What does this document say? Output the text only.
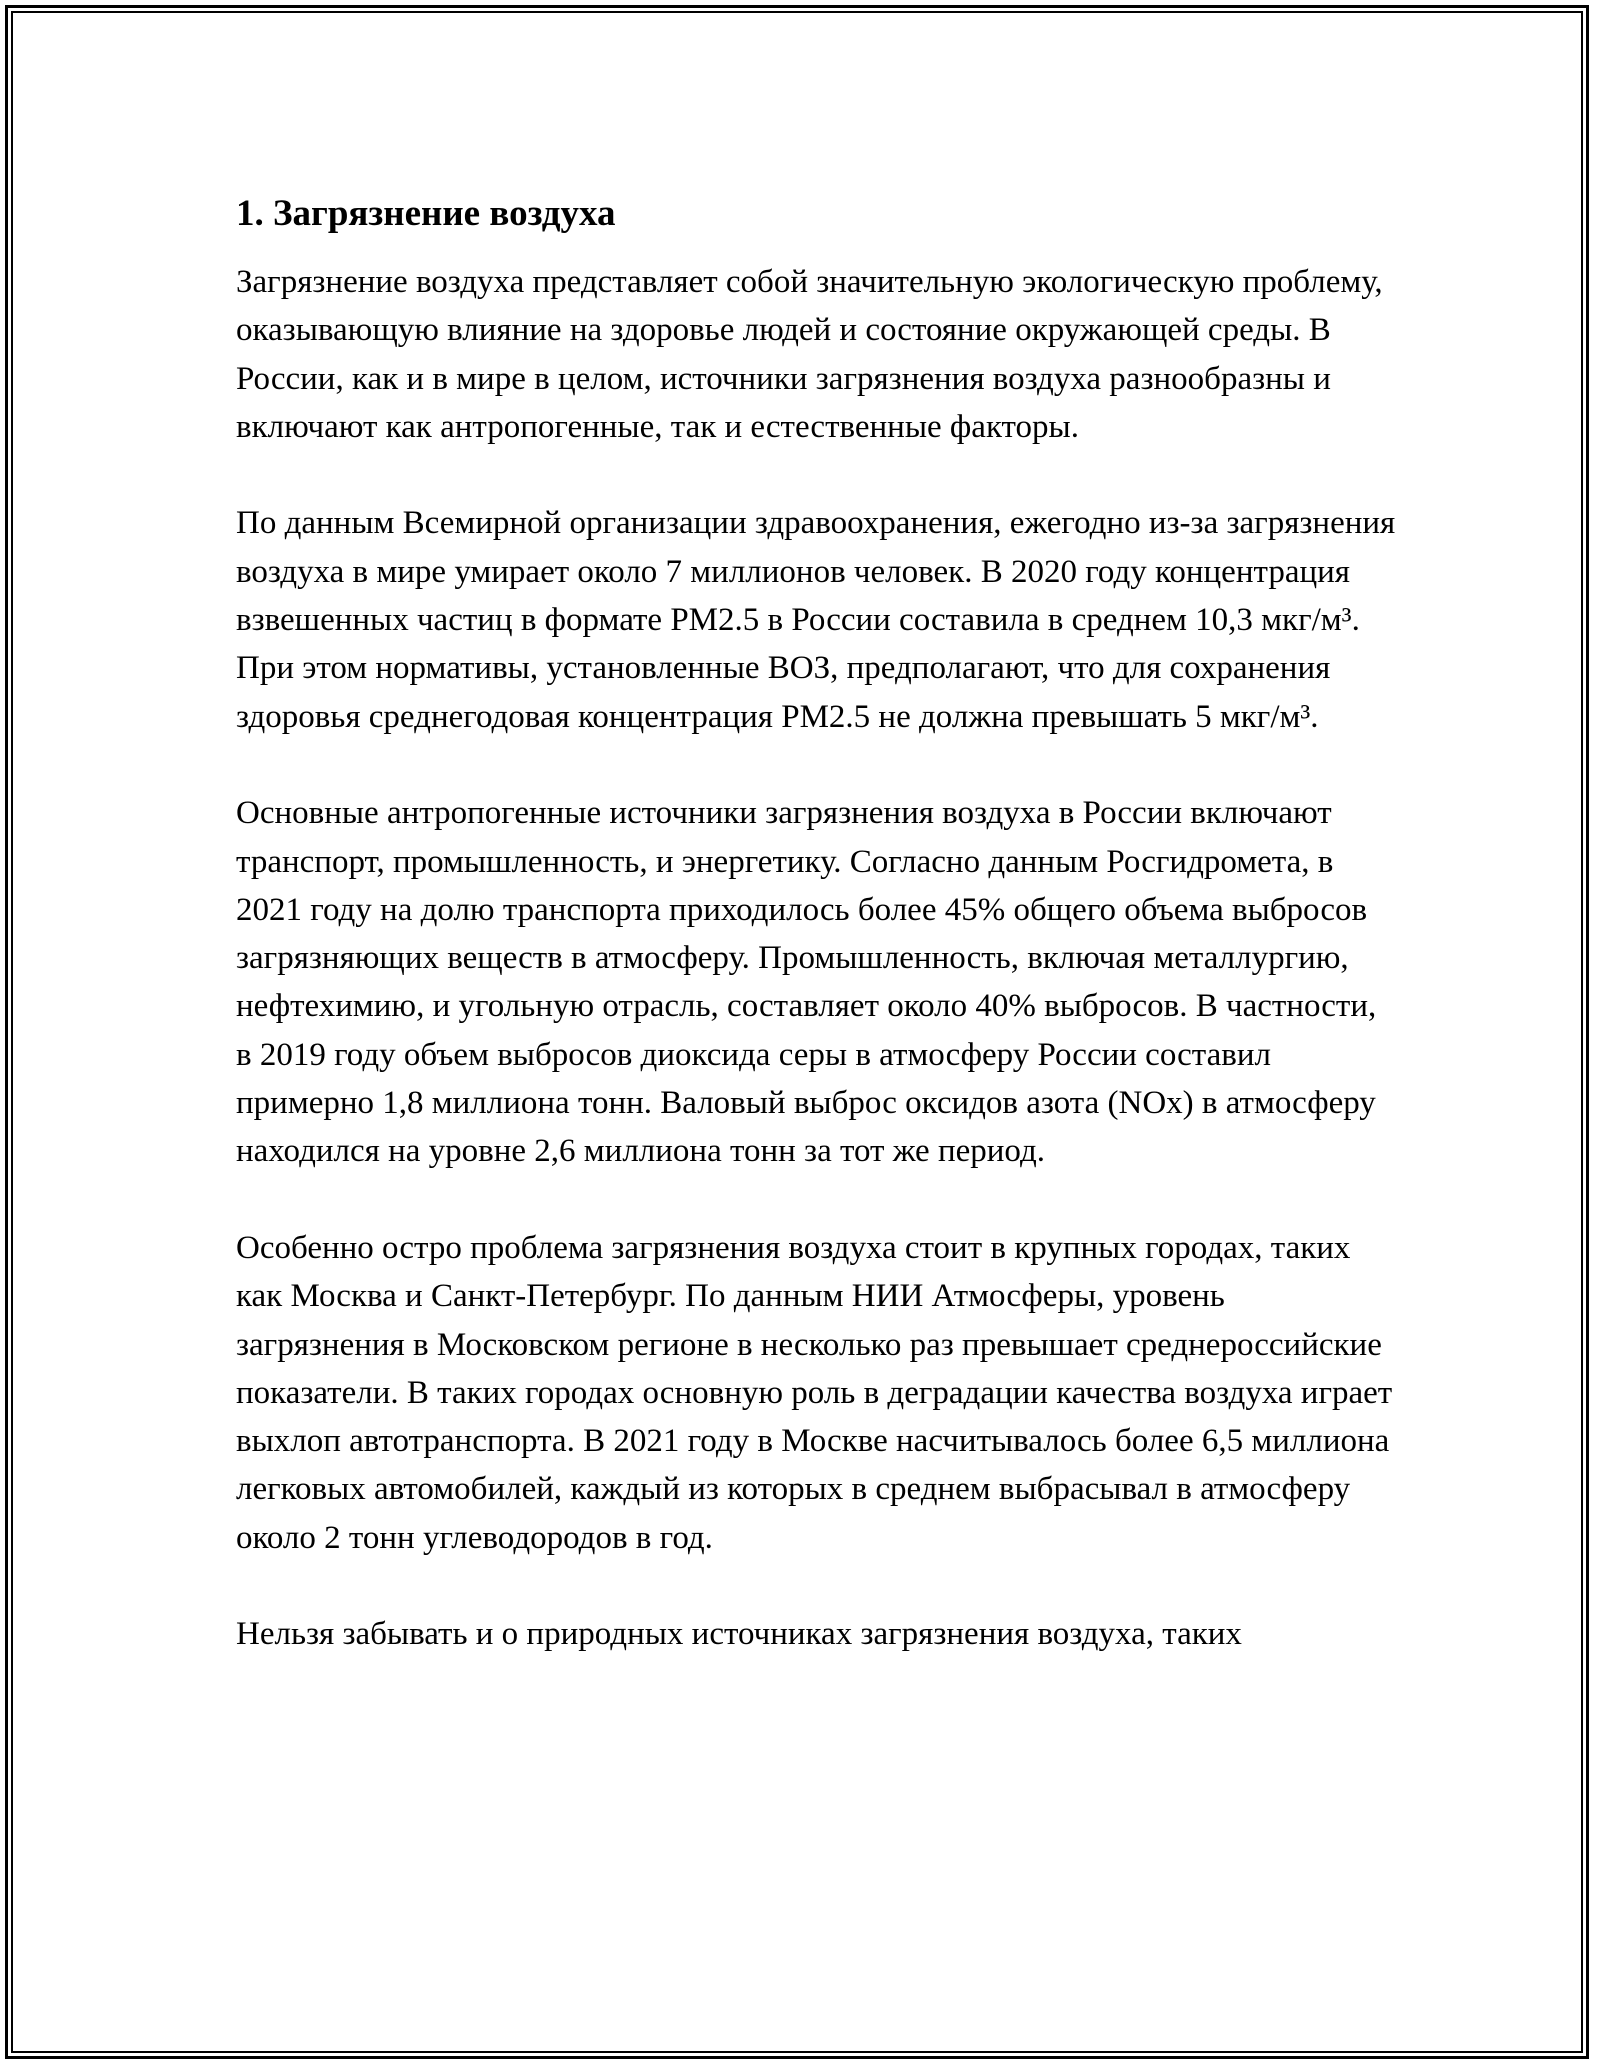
1. Загрязнение воздуха

Загрязнение воздуха представляет собой значительную экологическую проблему, оказывающую влияние на здоровье людей и состояние окружающей среды. В России, как и в мире в целом, источники загрязнения воздуха разнообразны и включают как антропогенные, так и естественные факторы.

По данным Всемирной организации здравоохранения, ежегодно из-за загрязнения воздуха в мире умирает около 7 миллионов человек. В 2020 году концентрация взвешенных частиц в формате PM2.5 в России составила в среднем 10,3 мкг/м³. При этом нормативы, установленные ВОЗ, предполагают, что для сохранения здоровья среднегодовая концентрация PM2.5 не должна превышать 5 мкг/м³.

Основные антропогенные источники загрязнения воздуха в России включают транспорт, промышленность, и энергетику. Согласно данным Росгидромета, в 2021 году на долю транспорта приходилось более 45% общего объема выбросов загрязняющих веществ в атмосферу. Промышленность, включая металлургию, нефтехимию, и угольную отрасль, составляет около 40% выбросов. В частности, в 2019 году объем выбросов диоксида серы в атмосферу России составил примерно 1,8 миллиона тонн. Валовый выброс оксидов азота (NOx) в атмосферу находился на уровне 2,6 миллиона тонн за тот же период.

Особенно остро проблема загрязнения воздуха стоит в крупных городах, таких как Москва и Санкт-Петербург. По данным НИИ Атмосферы, уровень загрязнения в Московском регионе в несколько раз превышает среднероссийские показатели. В таких городах основную роль в деградации качества воздуха играет выхлоп автотранспорта. В 2021 году в Москве насчитывалось более 6,5 миллиона легковых автомобилей, каждый из которых в среднем выбрасывал в атмосферу около 2 тонн углеводородов в год.

Нельзя забывать и о природных источниках загрязнения воздуха, таких
